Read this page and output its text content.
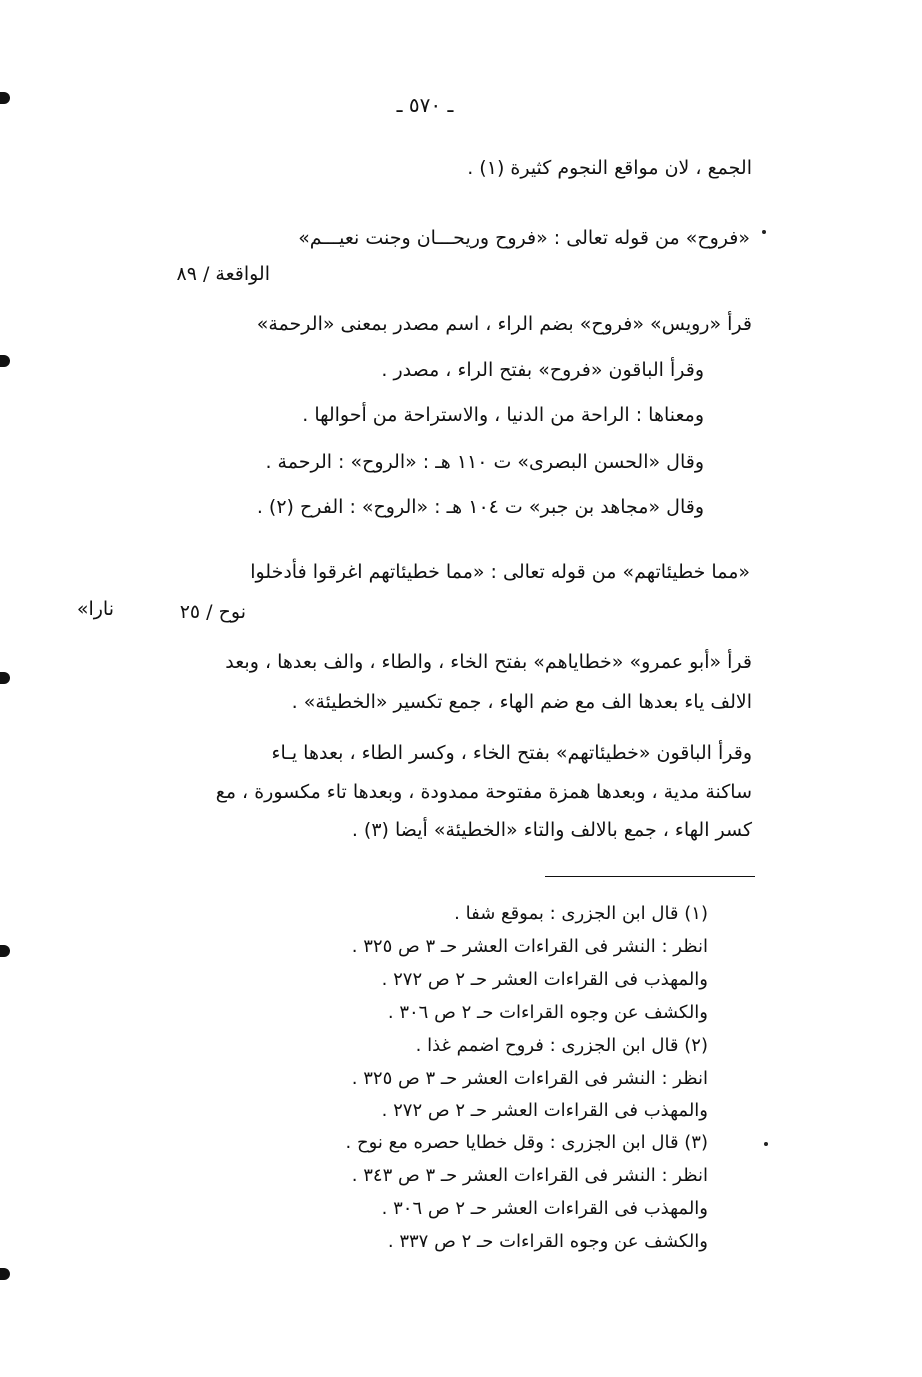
ـ ٥٧٠ ـ
الجمع ، لان مواقع النجوم كثيرة (١) .
«فروح» من قوله تعالى : «فروح وريحـــان وجنت نعيـــم»
الواقعة / ٨٩
قرأ «رويس» «فروح» بضم الراء ، اسم مصدر بمعنى «الرحمة»
وقرأ الباقون «فروح» بفتح الراء ، مصدر .
ومعناها : الراحة من الدنيا ، والاستراحة من أحوالها .
وقال «الحسن البصرى» ت ١١٠ هـ : «الروح» : الرحمة .
وقال «مجاهد بن جبر» ت ١٠٤ هـ : «الروح» : الفرح (٢) .
«مما خطيئاتهم» من قوله تعالى : «مما خطيئاتهم اغرقوا فأدخلوا
نارا»	نوح / ٢٥
قرأ «أبو عمرو» «خطاياهم» بفتح الخاء ، والطاء ، والف بعدها ، وبعد
الالف ياء بعدها الف مع ضم الهاء ، جمع تكسير «الخطيئة» .
وقرأ الباقون «خطيئاتهم» بفتح الخاء ، وكسر الطاء ، بعدها يـاء
ساكنة مدية ، وبعدها همزة مفتوحة ممدودة ، وبعدها تاء مكسورة ، مع
كسر الهاء ، جمع بالالف والتاء «الخطيئة» أيضا (٣) .
(١) قال ابن الجزرى : بموقع شفا .
انظر : النشر فى القراءات العشر حـ ٣ ص ٣٢٥ .
والمهذب فى القراءات العشر حـ ٢ ص ٢٧٢ .
والكشف عن وجوه القراءات حـ ٢ ص ٣٠٦ .
(٢) قال ابن الجزرى : فروح اضمم غذا .
انظر : النشر فى القراءات العشر حـ ٣ ص ٣٢٥ .
والمهذب فى القراءات العشر حـ ٢ ص ٢٧٢ .
(٣) قال ابن الجزرى : وقل خطايا حصره مع نوح .
انظر : النشر فى القراءات العشر حـ ٣ ص ٣٤٣ .
والمهذب فى القراءات العشر حـ ٢ ص ٣٠٦ .
والكشف عن وجوه القراءات حـ ٢ ص ٣٣٧ .
